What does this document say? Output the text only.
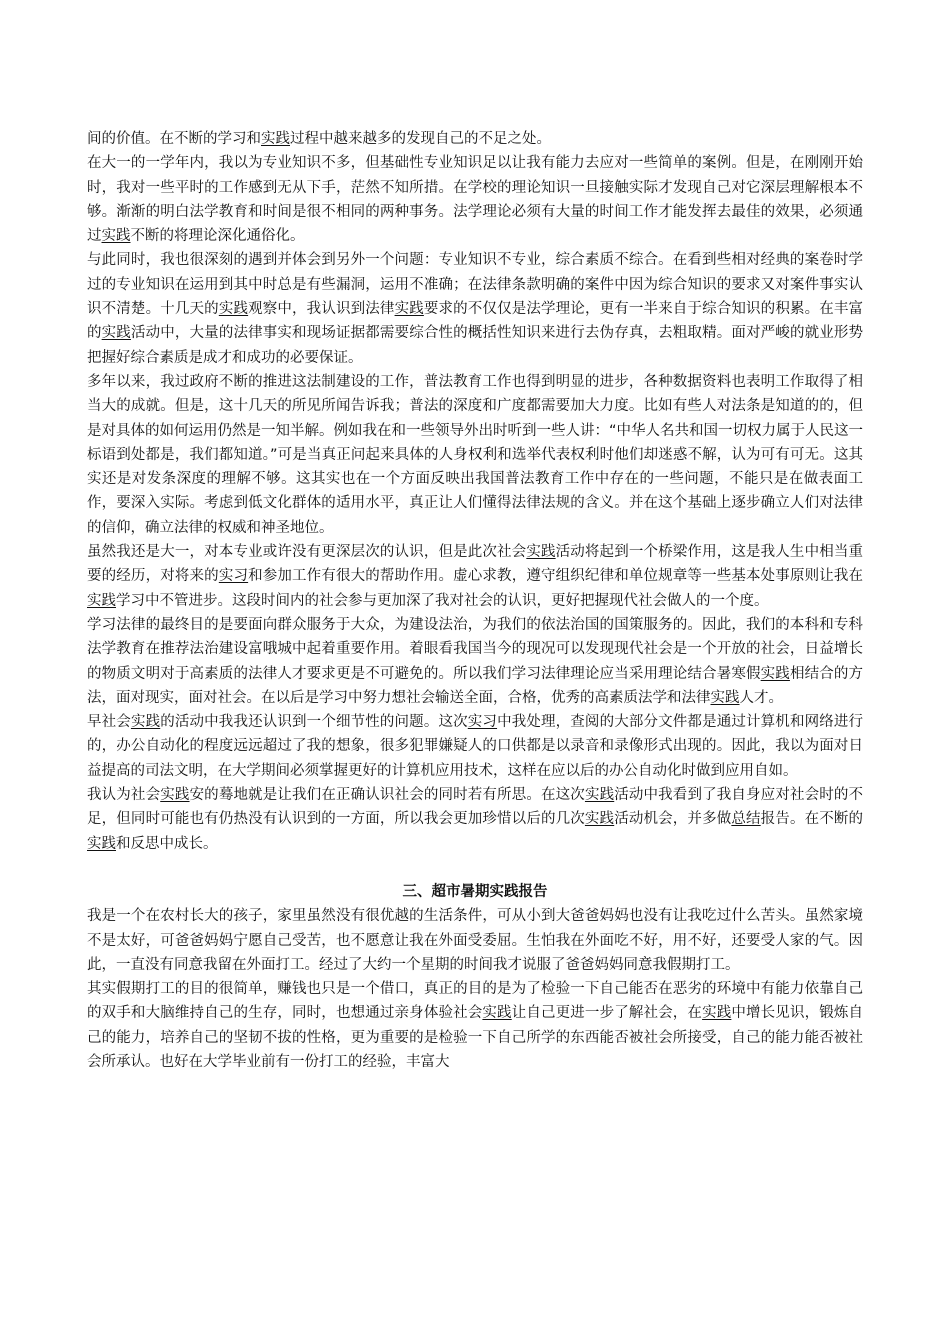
间的价值。在不断的学习和实践过程中越来越多的发现自己的不足之处。

在大一的一学年内，我以为专业知识不多，但基础性专业知识足以让我有能力去应对一些简单的案例。但是，在刚刚开始时，我对一些平时的工作感到无从下手，茫然不知所措。在学校的理论知识一旦接触实际才发现自己对它深层理解根本不够。渐渐的明白法学教育和时间是很不相同的两种事务。法学理论必须有大量的时间工作才能发挥去最佳的效果，必须通过实践不断的将理论深化通俗化。

与此同时，我也很深刻的遇到并体会到另外一个问题：专业知识不专业，综合素质不综合。在看到些相对经典的案卷时学过的专业知识在运用到其中时总是有些漏洞，运用不准确；在法律条款明确的案件中因为综合知识的要求又对案件事实认识不清楚。十几天的实践观察中，我认识到法律实践要求的不仅仅是法学理论，更有一半来自于综合知识的积累。在丰富的实践活动中，大量的法律事实和现场证据都需要综合性的概括性知识来进行去伪存真，去粗取精。面对严峻的就业形势把握好综合素质是成才和成功的必要保证。

多年以来，我过政府不断的推进这法制建设的工作，普法教育工作也得到明显的进步，各种数据资料也表明工作取得了相当大的成就。但是，这十几天的所见所闻告诉我；普法的深度和广度都需要加大力度。比如有些人对法条是知道的的，但是对具体的如何运用仍然是一知半解。例如我在和一些领导外出时听到一些人讲：“中华人名共和国一切权力属于人民这一标语到处都是，我们都知道。”可是当真正问起来具体的人身权利和选举代表权利时他们却迷惑不解，认为可有可无。这其实还是对发条深度的理解不够。这其实也在一个方面反映出我国普法教育工作中存在的一些问题，不能只是在做表面工作，要深入实际。考虑到低文化群体的适用水平，真正让人们懂得法律法规的含义。并在这个基础上逐步确立人们对法律的信仰，确立法律的权威和神圣地位。

虽然我还是大一，对本专业或许没有更深层次的认识，但是此次社会实践活动将起到一个桥梁作用，这是我人生中相当重要的经历，对将来的实习和参加工作有很大的帮助作用。虚心求教，遵守组织纪律和单位规章等一些基本处事原则让我在实践学习中不管进步。这段时间内的社会参与更加深了我对社会的认识，更好把握现代社会做人的一个度。

学习法律的最终目的是要面向群众服务于大众，为建设法治，为我们的依法治国的国策服务的。因此，我们的本科和专科法学教育在推荐法治建设富哦城中起着重要作用。着眼看我国当今的现况可以发现现代社会是一个开放的社会，日益增长的物质文明对于高素质的法律人才要求更是不可避免的。所以我们学习法律理论应当采用理论结合暑寒假实践相结合的方法，面对现实，面对社会。在以后是学习中努力想社会输送全面，合格，优秀的高素质法学和法律实践人才。

早社会实践的活动中我我还认识到一个细节性的问题。这次实习中我处理，查阅的大部分文件都是通过计算机和网络进行的，办公自动化的程度远远超过了我的想象，很多犯罪嫌疑人的口供都是以录音和录像形式出现的。因此，我以为面对日益提高的司法文明，在大学期间必须掌握更好的计算机应用技术，这样在应以后的办公自动化时做到应用自如。

我认为社会实践安的蓦地就是让我们在正确认识社会的同时若有所思。在这次实践活动中我看到了我自身应对社会时的不足，但同时可能也有仍热没有认识到的一方面，所以我会更加珍惜以后的几次实践活动机会，并多做总结报告。在不断的实践和反思中成长。

三、超市暑期实践报告

我是一个在农村长大的孩子，家里虽然没有很优越的生活条件，可从小到大爸爸妈妈也没有让我吃过什么苦头。虽然家境不是太好，可爸爸妈妈宁愿自己受苦，也不愿意让我在外面受委屈。生怕我在外面吃不好，用不好，还要受人家的气。因此，一直没有同意我留在外面打工。经过了大约一个星期的时间我才说服了爸爸妈妈同意我假期打工。

其实假期打工的目的很简单，赚钱也只是一个借口，真正的目的是为了检验一下自己能否在恶劣的环境中有能力依靠自己的双手和大脑维持自己的生存，同时，也想通过亲身体验社会实践让自己更进一步了解社会，在实践中增长见识，锻炼自己的能力，培养自己的坚韧不拔的性格，更为重要的是检验一下自己所学的东西能否被社会所接受，自己的能力能否被社会所承认。也好在大学毕业前有一份打工的经验，丰富大
